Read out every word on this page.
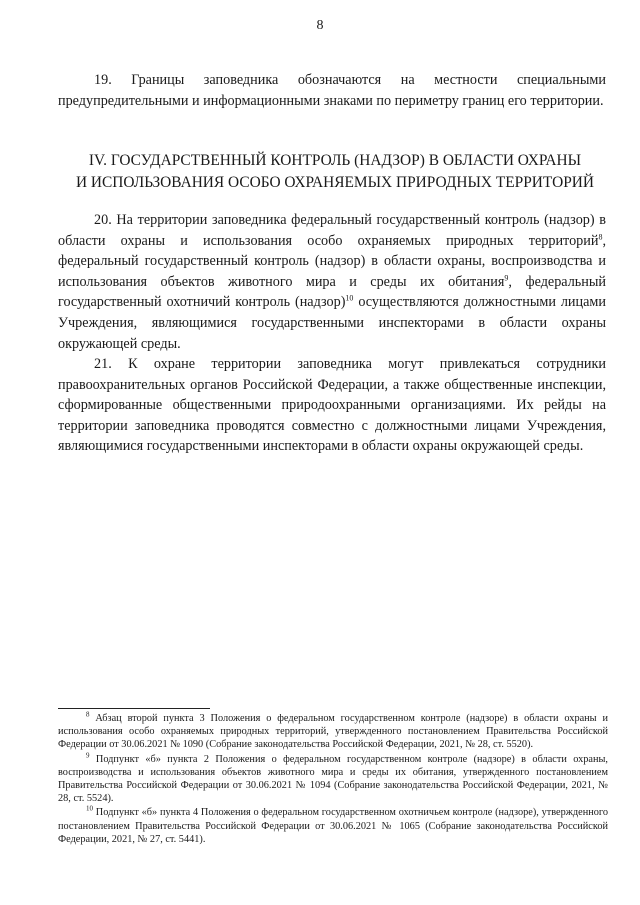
8

19. Границы заповедника обозначаются на местности специальными предупредительными и информационными знаками по периметру границ его территории.

IV. ГОСУДАРСТВЕННЫЙ КОНТРОЛЬ (НАДЗОР) В ОБЛАСТИ ОХРАНЫ
И ИСПОЛЬЗОВАНИЯ ОСОБО ОХРАНЯЕМЫХ ПРИРОДНЫХ ТЕРРИТОРИЙ

20. На территории заповедника федеральный государственный контроль (надзор) в области охраны и использования особо охраняемых природных территорий$^8$, федеральный государственный контроль (надзор) в области охраны, воспроизводства и использования объектов животного мира и среды их обитания$^9$, федеральный государственный охотничий контроль (надзор)$^{10}$ осуществляются должностными лицами Учреждения, являющимися государственными инспекторами в области охраны окружающей среды.

21. К охране территории заповедника могут привлекаться сотрудники правоохранительных органов Российской Федерации, а также общественные инспекции, сформированные общественными природоохранными организациями. Их рейды на территории заповедника проводятся совместно с должностными лицами Учреждения, являющимися государственными инспекторами в области охраны окружающей среды.

$^8$ Абзац второй пункта 3 Положения о федеральном государственном контроле (надзоре) в области охраны и использования особо охраняемых природных территорий, утвержденного постановлением Правительства Российской Федерации от 30.06.2021 № 1090 (Собрание законодательства Российской Федерации, 2021, № 28, ст. 5520).

$^9$ Подпункт «б» пункта 2 Положения о федеральном государственном контроле (надзоре) в области охраны, воспроизводства и использования объектов животного мира и среды их обитания, утвержденного постановлением Правительства Российской Федерации от 30.06.2021 № 1094 (Собрание законодательства Российской Федерации, 2021, № 28, ст. 5524).

$^{10}$ Подпункт «б» пункта 4 Положения о федеральном государственном охотничьем контроле (надзоре), утвержденного постановлением Правительства Российской Федерации от 30.06.2021 № 1065 (Собрание законодательства Российской Федерации, 2021, № 27, ст. 5441).
